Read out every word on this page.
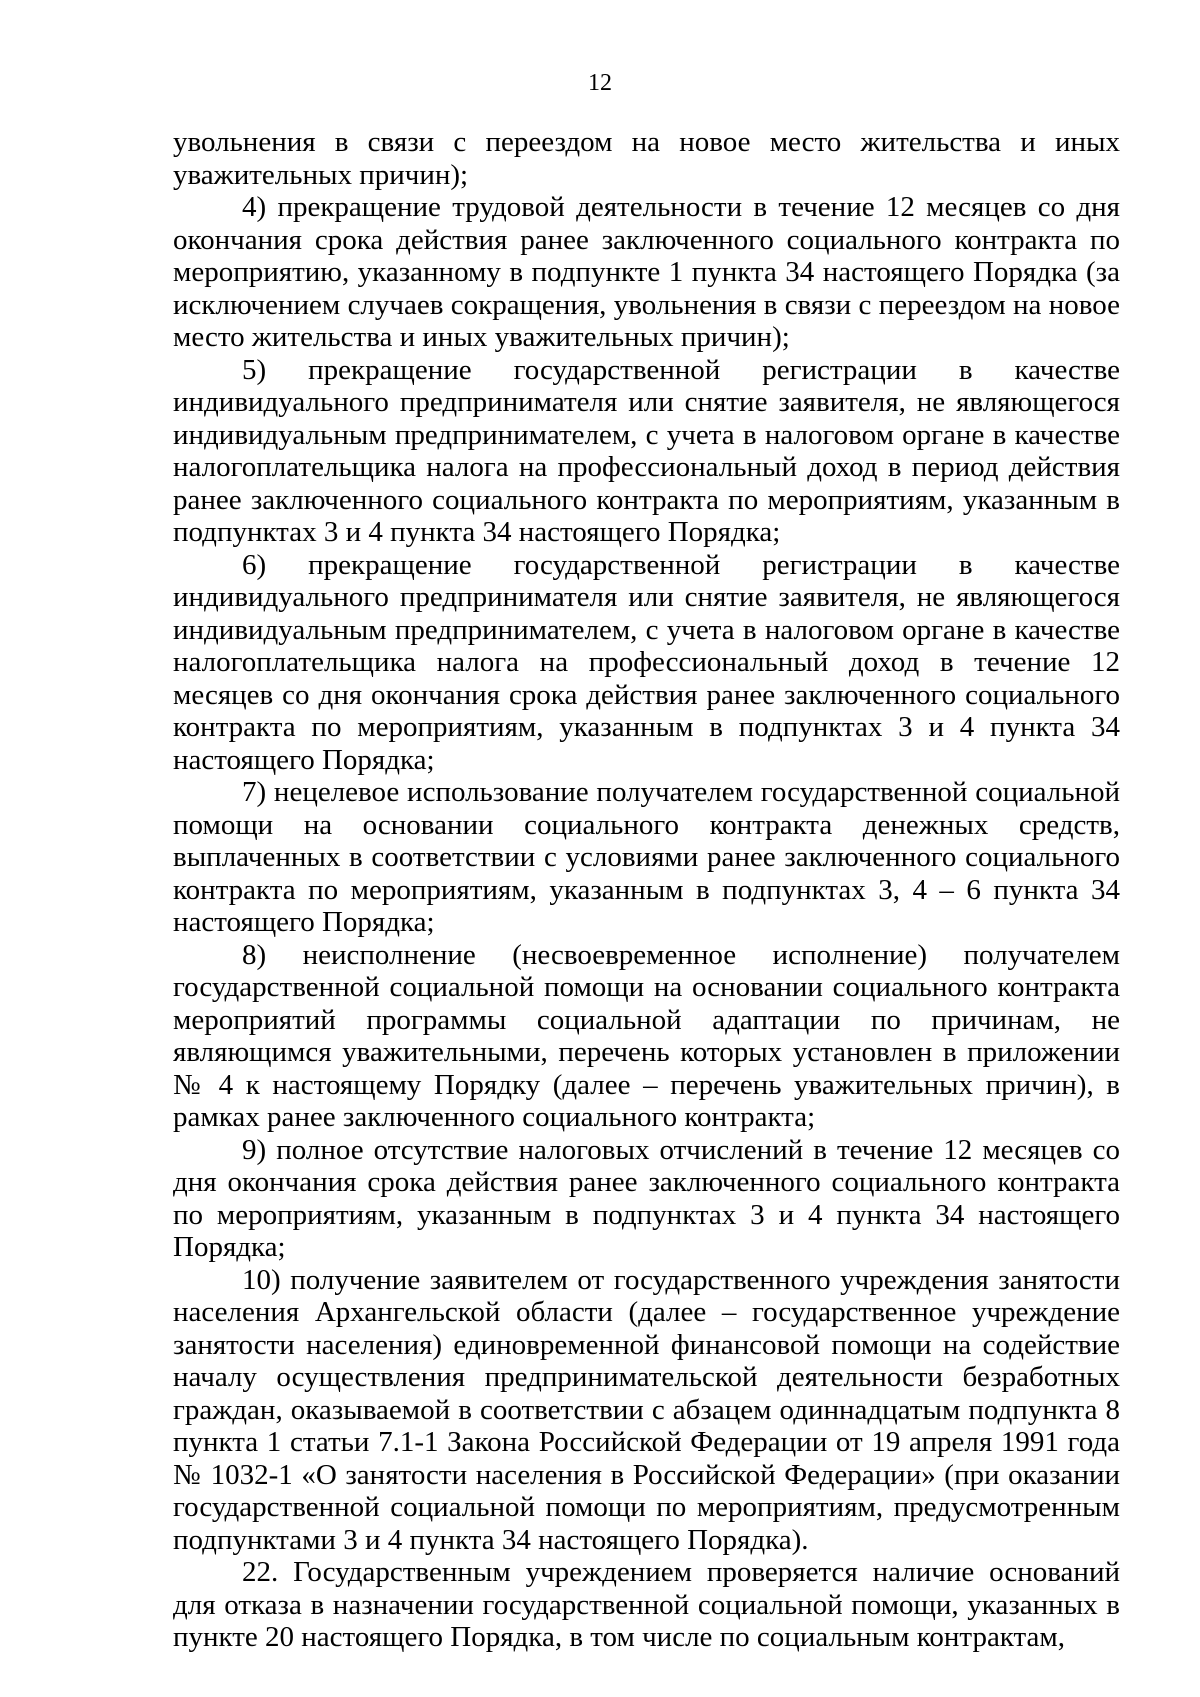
12

увольнения в связи с переездом на новое место жительства и иных уважительных причин);

4) прекращение трудовой деятельности в течение 12 месяцев со дня окончания срока действия ранее заключенного социального контракта по мероприятию, указанному в подпункте 1 пункта 34 настоящего Порядка (за исключением случаев сокращения, увольнения в связи с переездом на новое место жительства и иных уважительных причин);

5) прекращение государственной регистрации в качестве индивидуального предпринимателя или снятие заявителя, не являющегося индивидуальным предпринимателем, с учета в налоговом органе в качестве налогоплательщика налога на профессиональный доход в период действия ранее заключенного социального контракта по мероприятиям, указанным в подпунктах 3 и 4 пункта 34 настоящего Порядка;

6) прекращение государственной регистрации в качестве индивидуального предпринимателя или снятие заявителя, не являющегося индивидуальным предпринимателем, с учета в налоговом органе в качестве налогоплательщика налога на профессиональный доход в течение 12 месяцев со дня окончания срока действия ранее заключенного социального контракта по мероприятиям, указанным в подпунктах 3 и 4 пункта 34 настоящего Порядка;

7) нецелевое использование получателем государственной социальной помощи на основании социального контракта денежных средств, выплаченных в соответствии с условиями ранее заключенного социального контракта по мероприятиям, указанным в подпунктах 3, 4 – 6 пункта 34 настоящего Порядка;

8) неисполнение (несвоевременное исполнение) получателем государственной социальной помощи на основании социального контракта мероприятий программы социальной адаптации по причинам, не являющимся уважительными, перечень которых установлен в приложении № 4 к настоящему Порядку (далее – перечень уважительных причин), в рамках ранее заключенного социального контракта;

9) полное отсутствие налоговых отчислений в течение 12 месяцев со дня окончания срока действия ранее заключенного социального контракта по мероприятиям, указанным в подпунктах 3 и 4 пункта 34 настоящего Порядка;

10) получение заявителем от государственного учреждения занятости населения Архангельской области (далее – государственное учреждение занятости населения) единовременной финансовой помощи на содействие началу осуществления предпринимательской деятельности безработных граждан, оказываемой в соответствии с абзацем одиннадцатым подпункта 8 пункта 1 статьи 7.1-1 Закона Российской Федерации от 19 апреля 1991 года № 1032-1 «О занятости населения в Российской Федерации» (при оказании государственной социальной помощи по мероприятиям, предусмотренным подпунктами 3 и 4 пункта 34 настоящего Порядка).

22. Государственным учреждением проверяется наличие оснований для отказа в назначении государственной социальной помощи, указанных в пункте 20 настоящего Порядка, в том числе по социальным контрактам,
